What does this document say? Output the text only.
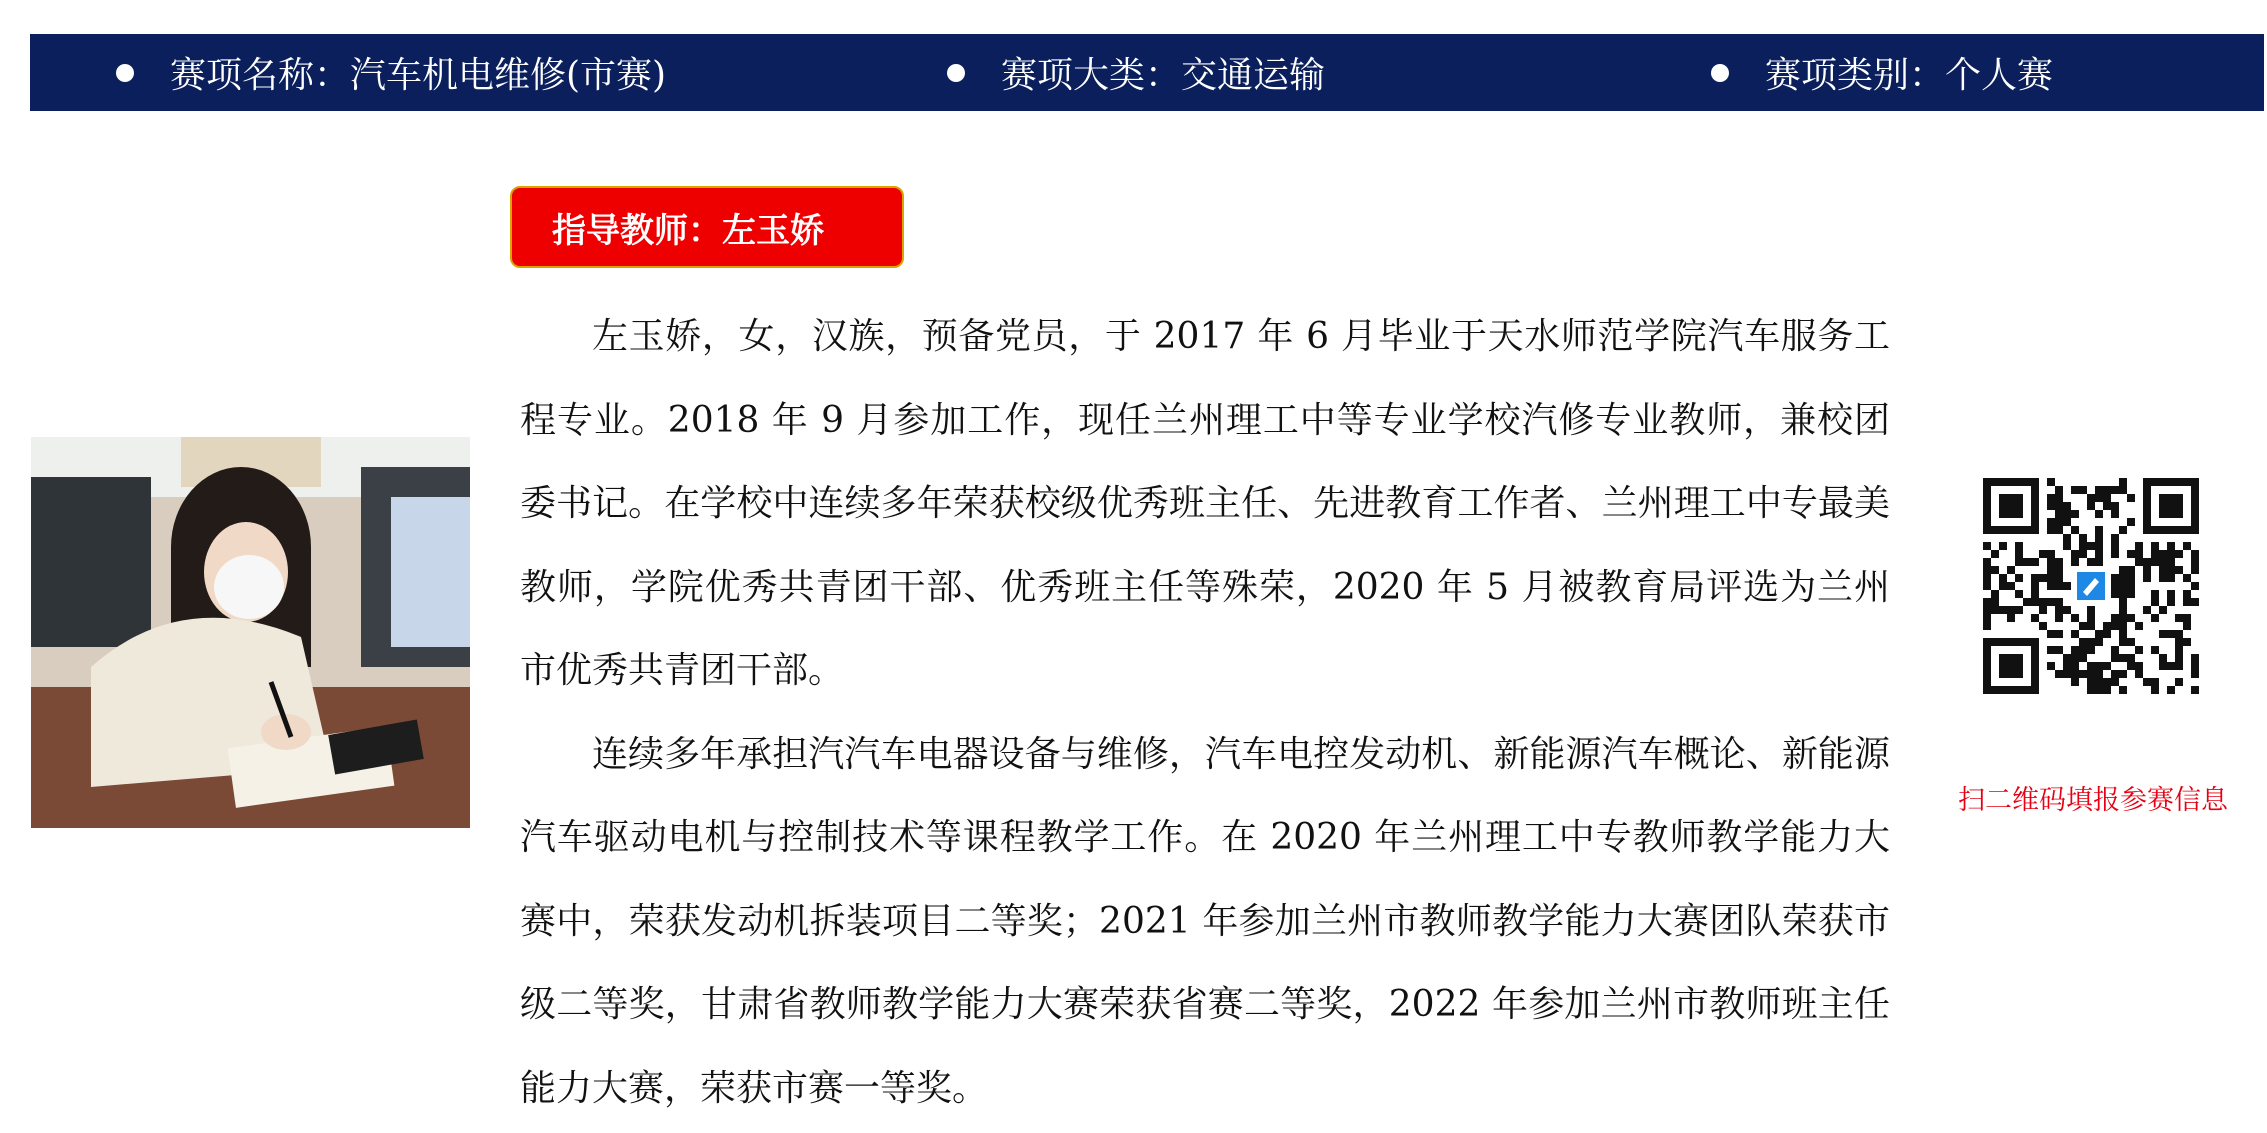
赛项名称：汽车机电维修(市赛)	赛项大类：交通运输	赛项类别：个人赛
指导教师：左玉娇

左玉娇，女，汉族，预备党员，于 2017 年 6 月毕业于天水师范学院汽车服务工程专业。2018 年 9 月参加工作，现任兰州理工中等专业学校汽修专业教师，兼校团委书记。在学校中连续多年荣获校级优秀班主任、先进教育工作者、兰州理工中专最美教师，学院优秀共青团干部、优秀班主任等殊荣，2020 年 5 月被教育局评选为兰州市优秀共青团干部。

连续多年承担汽汽车电器设备与维修，汽车电控发动机、新能源汽车概论、新能源汽车驱动电机与控制技术等课程教学工作。在 2020 年兰州理工中专教师教学能力大赛中，荣获发动机拆装项目二等奖；2021 年参加兰州市教师教学能力大赛团队荣获市级二等奖，甘肃省教师教学能力大赛荣获省赛二等奖，2022 年参加兰州市教师班主任能力大赛，荣获市赛一等奖。

扫二维码填报参赛信息
